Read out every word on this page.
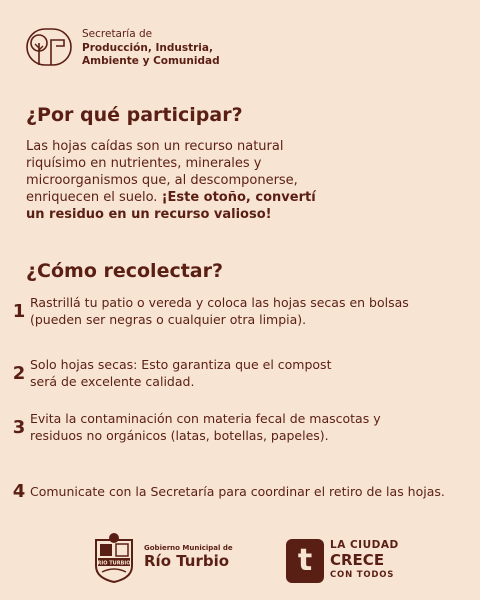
Secretaría de
Producción, Industria,
Ambiente y Comunidad
¿Por qué participar?
Las hojas caídas son un recurso natural riquísimo en nutrientes, minerales y microorganismos que, al descomponerse, enriquecen el suelo. ¡Este otoño, convertí un residuo en un recurso valioso!
¿Cómo recolectar?
1 Rastrillá tu patio o vereda y coloca las hojas secas en bolsas (pueden ser negras o cualquier otra limpia).
2 Solo hojas secas: Esto garantiza que el compost será de excelente calidad.
3 Evita la contaminación con materia fecal de mascotas y residuos no orgánicos (latas, botellas, papeles).
4 Comunicate con la Secretaría para coordinar el retiro de las hojas.
RIO TURBIO
Gobierno Municipal de
Río Turbio	t	LA CIUDAD
CRECE
CON TODOS
